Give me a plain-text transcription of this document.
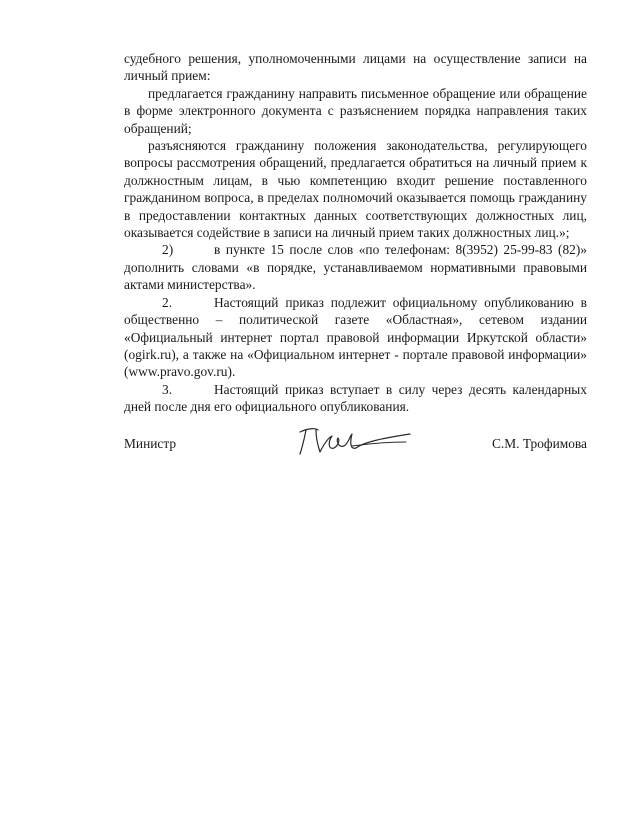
судебного решения, уполномоченными лицами на осуществление записи на личный прием:

предлагается гражданину направить письменное обращение или обращение в форме электронного документа с разъяснением порядка направления таких обращений;

разъясняются гражданину положения законодательства, регулирующего вопросы рассмотрения обращений, предлагается обратиться на личный прием к должностным лицам, в чью компетенцию входит решение поставленного гражданином вопроса, в пределах полномочий оказывается помощь гражданину в предоставлении контактных данных соответствующих должностных лиц, оказывается содействие в записи на личный прием таких должностных лиц.»;

2)	в пункте 15 после слов «по телефонам: 8(3952) 25-99-83 (82)» дополнить словами «в порядке, устанавливаемом нормативными правовыми актами министерства».

2.	Настоящий приказ подлежит официальному опубликованию в общественно – политической газете «Областная», сетевом издании «Официальный интернет портал правовой информации Иркутской области» (ogirk.ru), а также на «Официальном интернет - портале правовой информации» (www.pravo.gov.ru).

3.	Настоящий приказ вступает в силу через десять календарных дней после дня его официального опубликования.

Министр	С.М. Трофимова
